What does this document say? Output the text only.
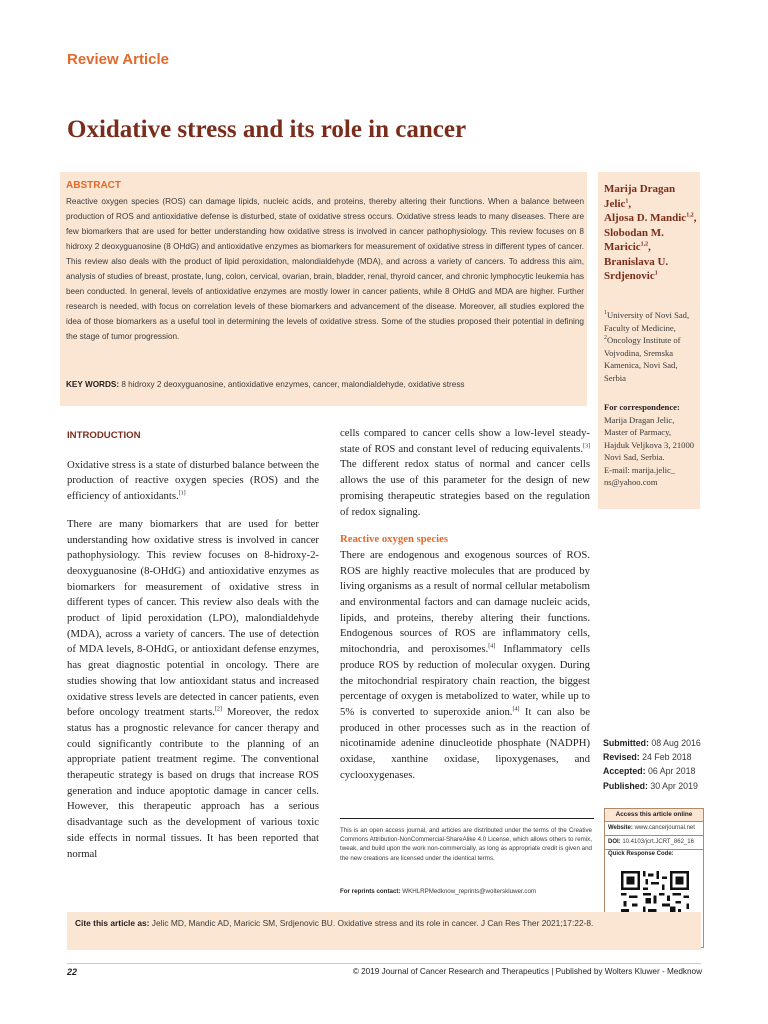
Review Article
Oxidative stress and its role in cancer
ABSTRACT
Reactive oxygen species (ROS) can damage lipids, nucleic acids, and proteins, thereby altering their functions. When a balance between production of ROS and antioxidative defense is disturbed, state of oxidative stress occurs. Oxidative stress leads to many diseases. There are few biomarkers that are used for better understanding how oxidative stress is involved in cancer pathophysiology. This review focuses on 8 hidroxy 2 deoxyguanosine (8 OHdG) and antioxidative enzymes as biomarkers for measurement of oxidative stress in different types of cancer. This review also deals with the product of lipid peroxidation, malondialdehyde (MDA), and across a variety of cancers. To address this aim, analysis of studies of breast, prostate, lung, colon, cervical, ovarian, brain, bladder, renal, thyroid cancer, and chronic lymphocytic leukemia has been conducted. In general, levels of antioxidative enzymes are mostly lower in cancer patients, while 8 OHdG and MDA are higher. Further research is needed, with focus on correlation levels of these biomarkers and advancement of the disease. Moreover, all studies explored the idea of those biomarkers as a useful tool in determining the levels of oxidative stress. Some of the studies proposed their potential in defining the stage of tumor progression.
KEY WORDS: 8 hidroxy 2 deoxyguanosine, antioxidative enzymes, cancer, malondialdehyde, oxidative stress
Marija Dragan Jelic$^1$,
Aljosa D. Mandic$^{1,2}$,
Slobodan M. Maricic$^{1,2}$,
Branislava U. Srdjenovic$^1$
$^1$University of Novi Sad, Faculty of Medicine, $^2$Oncology Institute of Vojvodina, Sremska Kamenica, Novi Sad, Serbia
For correspondence:
Marija Dragan Jelic, Master of Parmacy, Hajduk Veljkova 3, 21000 Novi Sad, Serbia.
E-mail: marija.jelic_ ns@yahoo.com
INTRODUCTION

Oxidative stress is a state of disturbed balance between the production of reactive oxygen species (ROS) and the efficiency of antioxidants.[1]

There are many biomarkers that are used for better understanding how oxidative stress is involved in cancer pathophysiology. This review focuses on 8-hidroxy-2-deoxyguanosine (8-OHdG) and antioxidative enzymes as biomarkers for measurement of oxidative stress in different types of cancer. This review also deals with the product of lipid peroxidation (LPO), malondialdehyde (MDA), across a variety of cancers. The use of detection of MDA levels, 8-OHdG, or antioxidant defense enzymes, has great diagnostic potential in oncology. There are studies showing that low antioxidant status and increased oxidative stress levels are detected in cancer patients, even before oncology treatment starts.[2] Moreover, the redox status has a prognostic relevance for cancer therapy and could significantly contribute to the planning of an appropriate patient treatment regime. The conventional therapeutic strategy is based on drugs that increase ROS generation and induce apoptotic damage in cancer cells. However, this therapeutic approach has a serious disadvantage such as the development of various toxic side effects in normal tissues. It has been reported that normal

cells compared to cancer cells show a low-level steady-state of ROS and constant level of reducing equivalents.[3] The different redox status of normal and cancer cells allows the use of this parameter for the design of new promising therapeutic strategies based on the regulation of redox signaling.

Reactive oxygen species

There are endogenous and exogenous sources of ROS. ROS are highly reactive molecules that are produced by living organisms as a result of normal cellular metabolism and environmental factors and can damage nucleic acids, lipids, and proteins, thereby altering their functions. Endogenous sources of ROS are inflammatory cells, mitochondria, and peroxisomes.[4] Inflammatory cells produce ROS by reduction of molecular oxygen. During the mitochondrial respiratory chain reaction, the biggest percentage of oxygen is metabolized to water, while up to 5% is converted to superoxide anion.[4] It can also be produced in other processes such as in the reaction of nicotinamide adenine dinucleotide phosphate (NADPH) oxidase, xanthine oxidase, lipoxygenases, and cyclooxygenases.

This is an open access journal, and articles are distributed under the terms of the Creative Commons Attribution-NonCommercial-ShareAlike 4.0 License, which allows others to remix, tweak, and build upon the work non-commercially, as long as appropriate credit is given and the new creations are licensed under the identical terms.
For reprints contact: WKHLRPMedknow_reprints@wolterskluwer.com
Submitted: 08 Aug 2016
Revised: 24 Feb 2018
Accepted: 06 Apr 2018
Published: 30 Apr 2019
Access this article online
Website: www.cancerjournal.net
DOI: 10.4103/jcrt.JCRT_862_16
Quick Response Code:
Cite this article as: Jelic MD, Mandic AD, Maricic SM, Srdjenovic BU. Oxidative stress and its role in cancer. J Can Res Ther 2021;17:22-8.
22	© 2019 Journal of Cancer Research and Therapeutics | Published by Wolters Kluwer - Medknow
